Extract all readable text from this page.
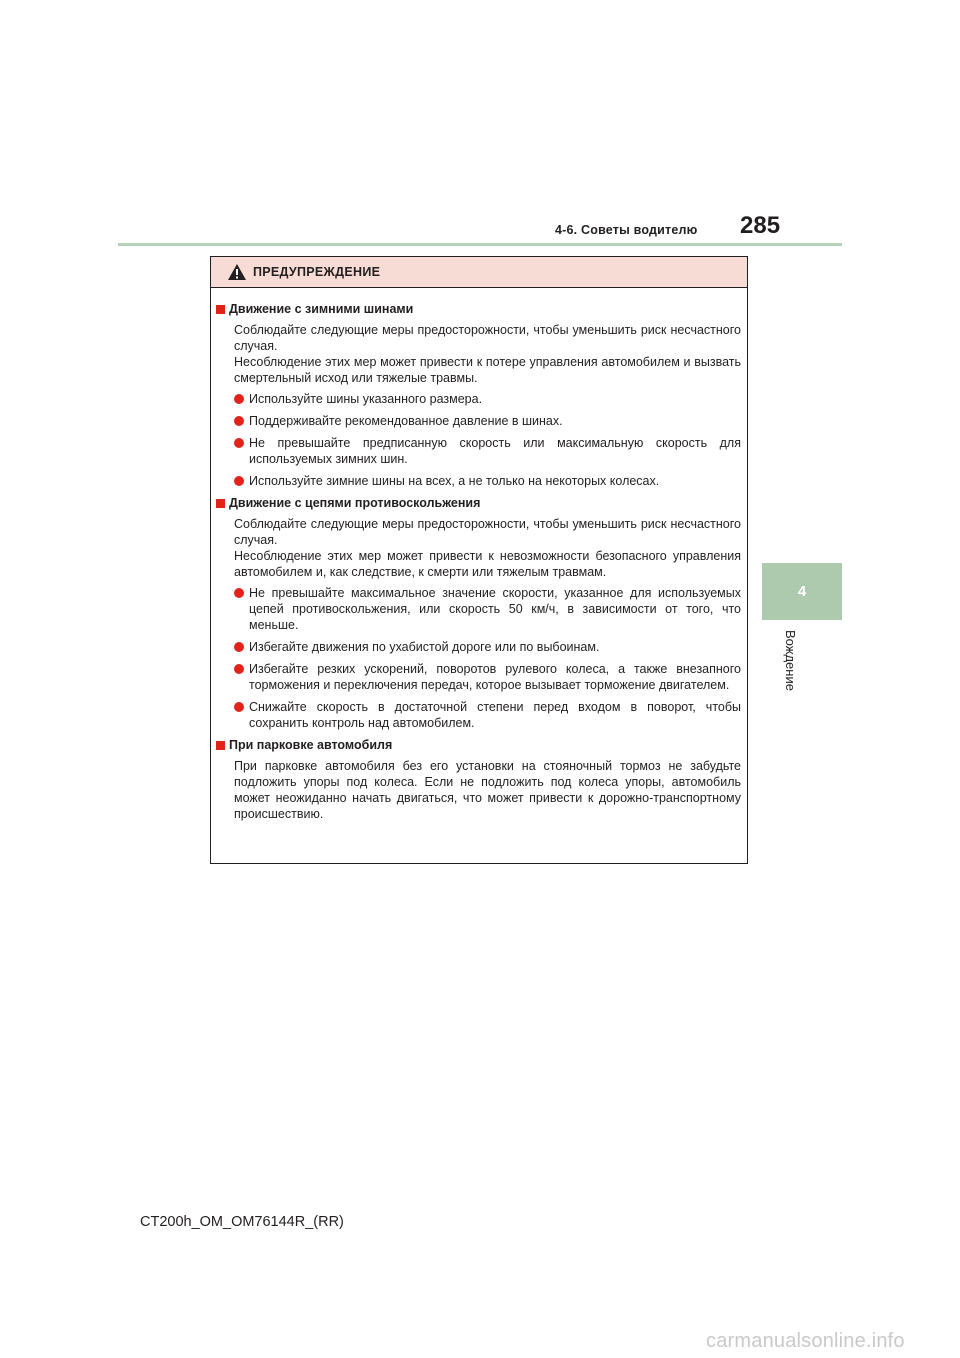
4-6. Советы водителю 285
4
Вождение
ПРЕДУПРЕЖДЕНИЕ
Движение с зимними шинами
Соблюдайте следующие меры предосторожности, чтобы уменьшить риск несчастного случая.
Несоблюдение этих мер может привести к потере управления автомобилем и вызвать смертельный исход или тяжелые травмы.
Используйте шины указанного размера.
Поддерживайте рекомендованное давление в шинах.
Не превышайте предписанную скорость или максимальную скорость для используемых зимних шин.
Используйте зимние шины на всех, а не только на некоторых колесах.
Движение с цепями противоскольжения
Соблюдайте следующие меры предосторожности, чтобы уменьшить риск несчастного случая.
Несоблюдение этих мер может привести к невозможности безопасного управления автомобилем и, как следствие, к смерти или тяжелым травмам.
Не превышайте максимальное значение скорости, указанное для используемых цепей противоскольжения, или скорость 50 км/ч, в зависимости от того, что меньше.
Избегайте движения по ухабистой дороге или по выбоинам.
Избегайте резких ускорений, поворотов рулевого колеса, а также внезапного торможения и переключения передач, которое вызывает торможение двигателем.
Снижайте скорость в достаточной степени перед входом в поворот, чтобы сохранить контроль над автомобилем.
При парковке автомобиля
При парковке автомобиля без его установки на стояночный тормоз не забудьте подложить упоры под колеса. Если не подложить под колеса упоры, автомобиль может неожиданно начать двигаться, что может привести к дорожно-транспортному происшествию.
CT200h_OM_OM76144R_(RR)
carmanualsonline.info
